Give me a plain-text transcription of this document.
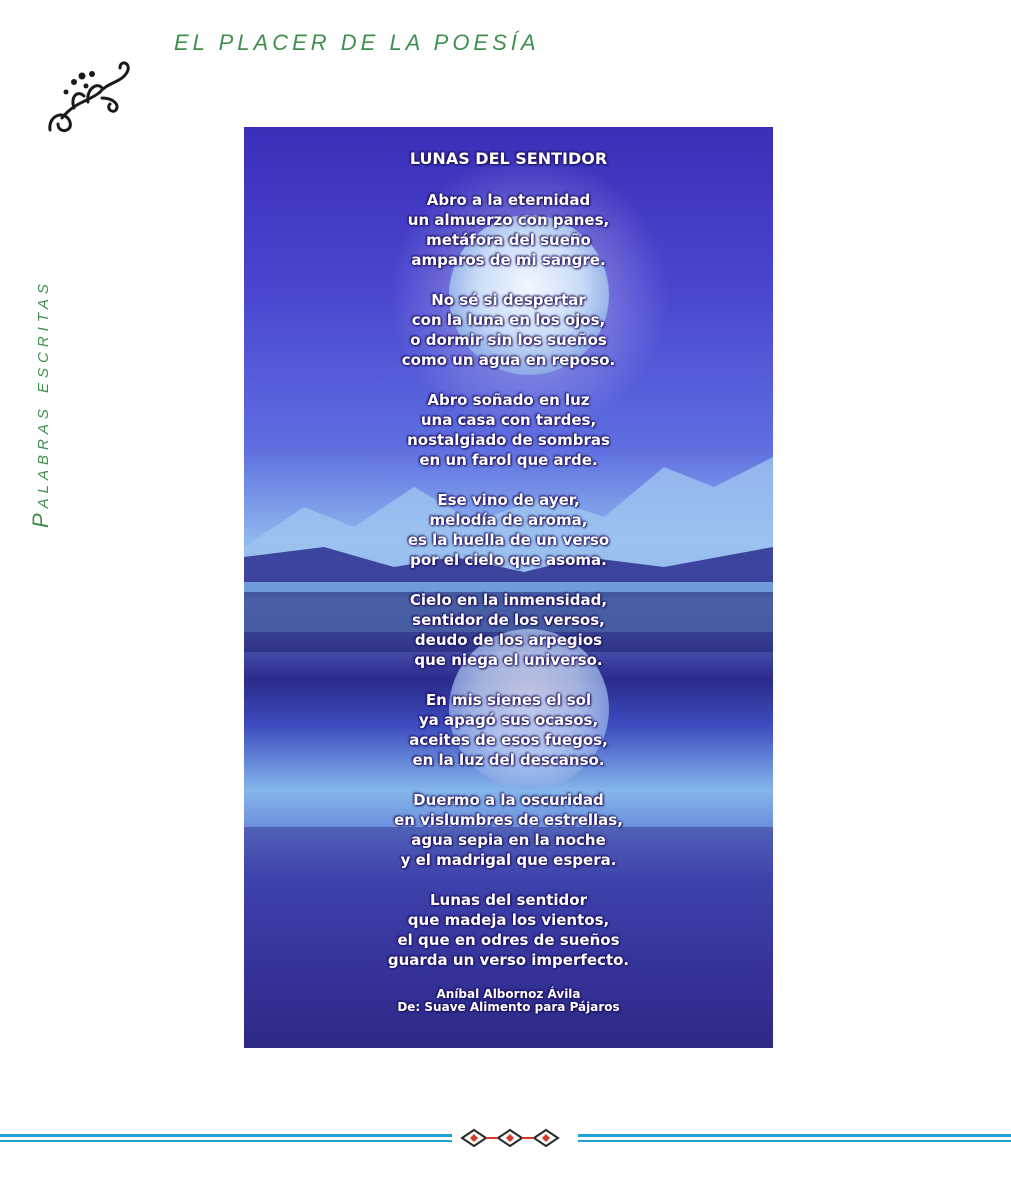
EL PLACER DE LA POESÍA
Palabras escritas
LUNAS DEL SENTIDOR
Abro a la eternidad
un almuerzo con panes,
metáfora del sueño
amparos de mi sangre.
No sé si despertar
con la luna en los ojos,
o dormir sin los sueños
como un agua en reposo.
Abro soñado en luz
una casa con tardes,
nostalgiado de sombras
en un farol que arde.
Ese vino de ayer,
melodía de aroma,
es la huella de un verso
por el cielo que asoma.
Cielo en la inmensidad,
sentidor de los versos,
deudo de los arpegios
que niega el universo.
En mis sienes el sol
ya apagó sus ocasos,
aceites de esos fuegos,
en la luz del descanso.
Duermo a la oscuridad
en vislumbres de estrellas,
agua sepia en la noche
y el madrigal que espera.
Lunas del sentidor
que madeja los vientos,
el que en odres de sueños
guarda un verso imperfecto.
Aníbal Albornoz Ávila
De: Suave Alimento para Pájaros
